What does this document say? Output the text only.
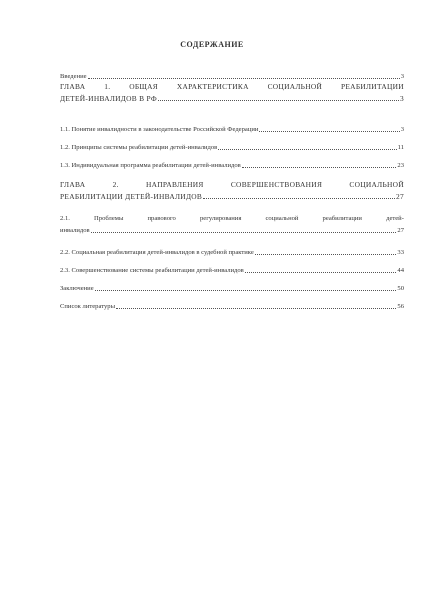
СОДЕРЖАНИЕ
Введение	3
ГЛАВА	1.	ОБЩАЯ	ХАРАКТЕРИСТИКА	СОЦИАЛЬНОЙ	РЕАБИЛИТАЦИИ
ДЕТЕЙ-ИНВАЛИДОВ В РФ	3
1.1. Понятие инвалидности в законодательстве Российской Федерации	3
1.2. Принципы системы реабилитации детей-инвалидов	11
1.3. Индивидуальная программа реабилитации детей-инвалидов	23
ГЛАВА	2.	НАПРАВЛЕНИЯ	СОВЕРШЕНСТВОВАНИЯ	СОЦИАЛЬНОЙ
РЕАБИЛИТАЦИИ ДЕТЕЙ-ИНВАЛИДОВ	27
2.1.	Проблемы	правового	регулирования	социальной	реабилитации	детей-
инвалидов	27
2.2. Социальная реабилитация детей-инвалидов в судебной практике	33
2.3. Совершенствование системы реабилитации детей-инвалидов	44
Заключение	50
Список литературы	56
